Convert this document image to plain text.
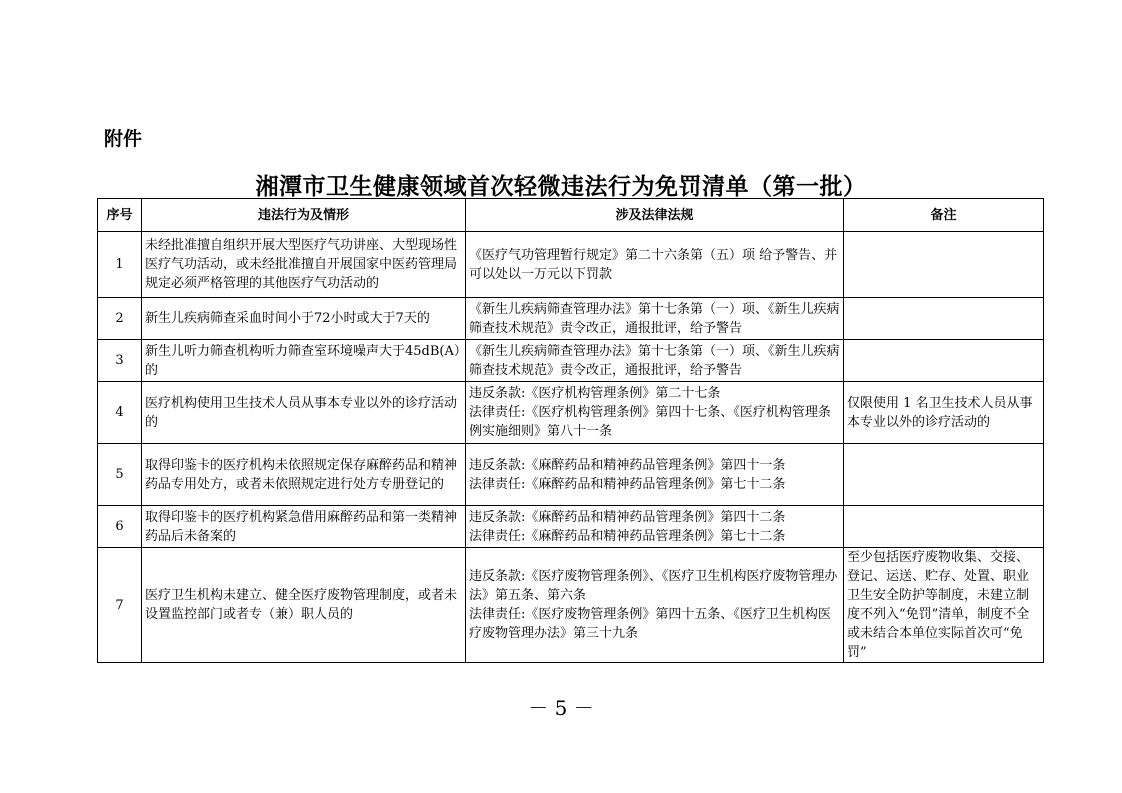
附件
湘潭市卫生健康领域首次轻微违法行为免罚清单（第一批）
序号	违法行为及情形	涉及法律法规	备注
1	未经批准擅自组织开展大型医疗气功讲座、大型现场性医疗气功活动，或未经批准擅自开展国家中医药管理局规定必须严格管理的其他医疗气功活动的	《医疗气功管理暂行规定》第二十六条第（五）项 给予警告、并可以处以一万元以下罚款	
2	新生儿疾病筛查采血时间小于72小时或大于7天的	《新生儿疾病筛查管理办法》第十七条第（一）项、《新生儿疾病筛查技术规范》责令改正，通报批评，给予警告	
3	新生儿听力筛查机构听力筛查室环境噪声大于45dB(A）的	《新生儿疾病筛查管理办法》第十七条第（一）项、《新生儿疾病筛查技术规范》责令改正，通报批评，给予警告	
4	医疗机构使用卫生技术人员从事本专业以外的诊疗活动的	违反条款:《医疗机构管理条例》第二十七条
法律责任:《医疗机构管理条例》第四十七条、《医疗机构管理条例实施细则》第八十一条	仅限使用 1 名卫生技术人员从事本专业以外的诊疗活动的
5	取得印鉴卡的医疗机构未依照规定保存麻醉药品和精神药品专用处方，或者未依照规定进行处方专册登记的	违反条款:《麻醉药品和精神药品管理条例》第四十一条
法律责任:《麻醉药品和精神药品管理条例》第七十二条	
6	取得印鉴卡的医疗机构紧急借用麻醉药品和第一类精神药品后未备案的	违反条款:《麻醉药品和精神药品管理条例》第四十二条
法律责任:《麻醉药品和精神药品管理条例》第七十二条	
7	医疗卫生机构未建立、健全医疗废物管理制度，或者未设置监控部门或者专（兼）职人员的	违反条款:《医疗废物管理条例》、《医疗卫生机构医疗废物管理办法》第五条、第六条
法律责任:《医疗废物管理条例》第四十五条、《医疗卫生机构医疗废物管理办法》第三十九条	至少包括医疗废物收集、交接、登记、运送、贮存、处置、职业卫生安全防护等制度，未建立制度不列入“免罚”清单，制度不全或未结合本单位实际首次可“免罚”
－ 5 －
